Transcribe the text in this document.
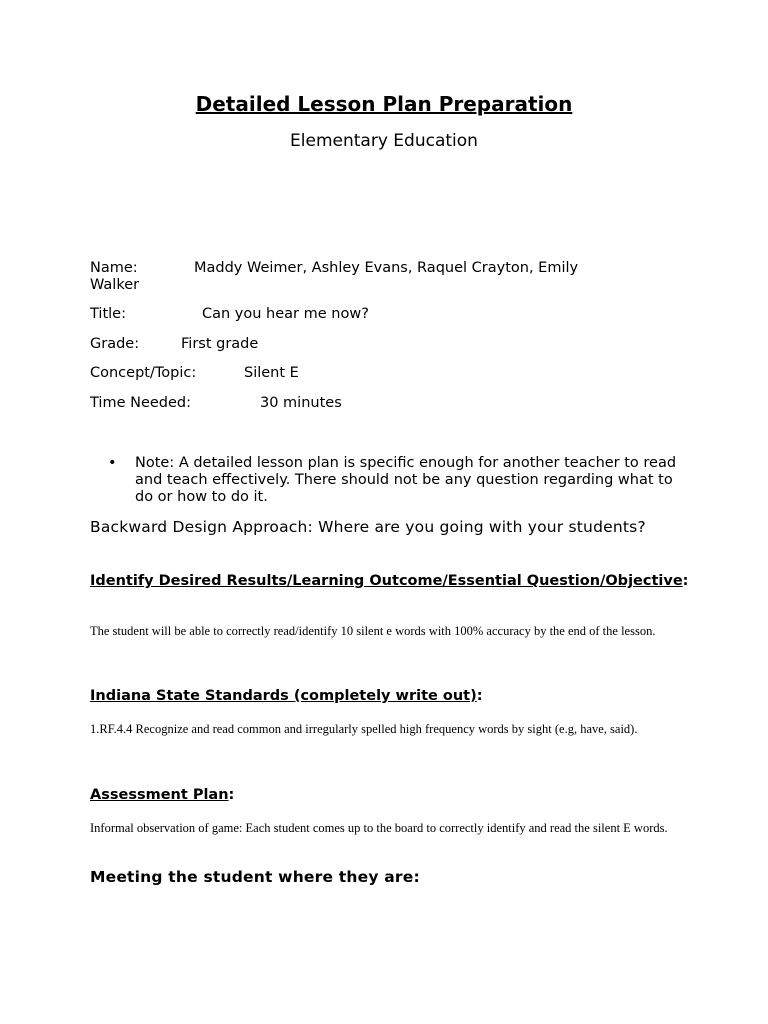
Detailed Lesson Plan Preparation
Elementary Education
Name:	Maddy Weimer, Ashley Evans, Raquel Crayton, Emily
Walker
Title:	Can you hear me now?
Grade:	First grade
Concept/Topic:	Silent E
Time Needed:	30 minutes
• Note: A detailed lesson plan is specific enough for another teacher to read and teach effectively. There should not be any question regarding what to do or how to do it.
Backward Design Approach: Where are you going with your students?
Identify Desired Results/Learning Outcome/Essential Question/Objective:
The student will be able to correctly read/identify 10 silent e words with 100% accuracy by the end of the lesson.
Indiana State Standards (completely write out):
1.RF.4.4 Recognize and read common and irregularly spelled high frequency words by sight (e.g, have, said).
Assessment Plan:
Informal observation of game: Each student comes up to the board to correctly identify and read the silent E words.
Meeting the student where they are:
